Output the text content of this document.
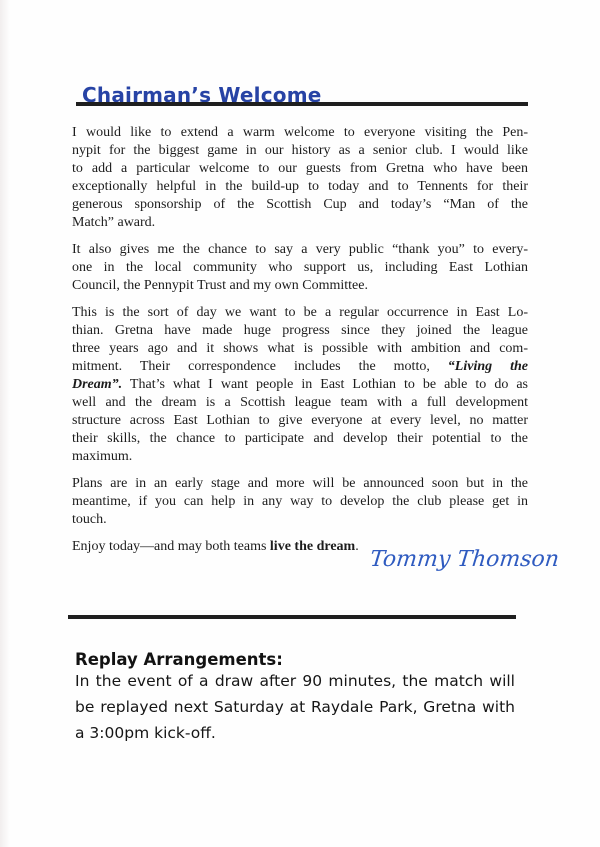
Chairman’s Welcome
I would like to extend a warm welcome to everyone visiting the Pen-
nypit for the biggest game in our history as a senior club. I would like
to add a particular welcome to our guests from Gretna who have been
exceptionally helpful in the build-up to today and to Tennents for their
generous sponsorship of the Scottish Cup and today’s “Man of the
Match” award.
It also gives me the chance to say a very public “thank you” to every-
one in the local community who support us, including East Lothian
Council, the Pennypit Trust and my own Committee.
This is the sort of day we want to be a regular occurrence in East Lo-
thian. Gretna have made huge progress since they joined the league
three years ago and it shows what is possible with ambition and com-
mitment. Their correspondence includes the motto, “Living the
Dream”. That’s what I want people in East Lothian to be able to do as
well and the dream is a Scottish league team with a full development
structure across East Lothian to give everyone at every level, no matter
their skills, the chance to participate and develop their potential to the
maximum.
Plans are in an early stage and more will be announced soon but in the
meantime, if you can help in any way to develop the club please get in
touch.
Enjoy today—and may both teams live the dream.
Tommy Thomson
Replay Arrangements:
In the event of a draw after 90 minutes, the match will
be replayed next Saturday at Raydale Park, Gretna with
a 3:00pm kick-off.
